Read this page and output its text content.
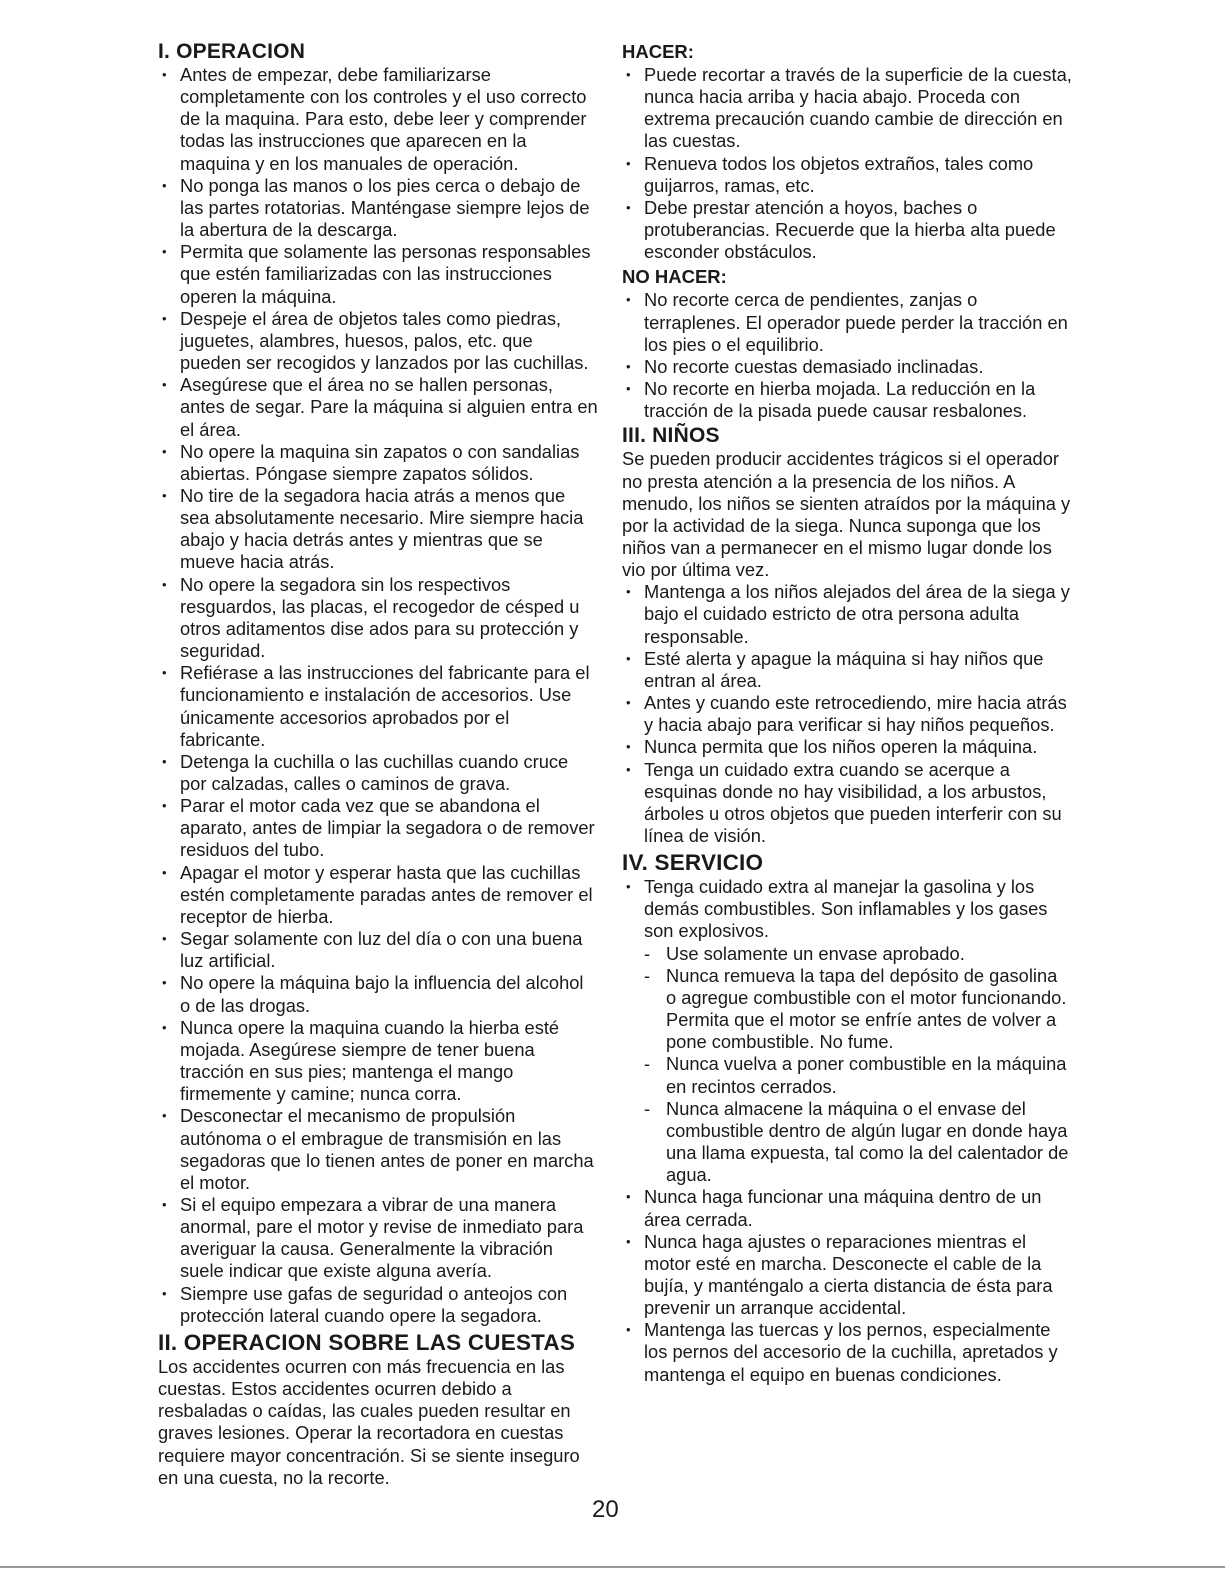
I. OPERACION
• Antes de empezar, debe familiarizarse completamente con los controles y el uso correcto de la maquina. Para esto, debe leer y comprender todas las instrucciones que aparecen en la maquina y en los manuales de operación.
• No ponga las manos o los pies cerca o debajo de las partes rotatorias. Manténgase siempre lejos de la abertura de la descarga.
• Permita que solamente las personas responsables que estén familiarizadas con las instrucciones operen la máquina.
• Despeje el área de objetos tales como piedras, juguetes, alambres, huesos, palos, etc. que pueden ser recogidos y lanzados por las cuchillas.
• Asegúrese que el área no se hallen personas, antes de segar. Pare la máquina si alguien entra en el área.
• No opere la maquina sin zapatos o con sandalias abiertas. Póngase siempre zapatos sólidos.
• No tire de la segadora hacia atrás a menos que sea absolutamente necesario. Mire siempre hacia abajo y hacia detrás antes y mientras que se mueve hacia atrás.
• No opere la segadora sin los respectivos resguardos, las placas, el recogedor de césped u otros aditamentos dise ados para su protección y seguridad.
• Refiérase a las instrucciones del fabricante para el funcionamiento e instalación de accesorios. Use únicamente accesorios aprobados por el fabricante.
• Detenga la cuchilla o las cuchillas cuando cruce por calzadas, calles o caminos de grava.
• Parar el motor cada vez que se abandona el aparato, antes de limpiar la segadora o de remover residuos del tubo.
• Apagar el motor y esperar hasta que las cuchillas estén completamente paradas antes de remover el receptor de hierba.
• Segar solamente con luz del día o con una buena luz artificial.
• No opere la máquina bajo la influencia del alcohol o de las drogas.
• Nunca opere la maquina cuando la hierba esté mojada. Asegúrese siempre de tener buena tracción en sus pies; mantenga el mango firmemente y camine; nunca corra.
• Desconectar el mecanismo de propulsión autónoma o el embrague de transmisión en las segadoras que lo tienen antes de poner en marcha el motor.
• Si el equipo empezara a vibrar de una manera anormal, pare el motor y revise de inmediato para averiguar la causa. Generalmente la vibración suele indicar que existe alguna avería.
• Siempre use gafas de seguridad o anteojos con protección lateral cuando opere la segadora.
II. OPERACION SOBRE LAS CUESTAS

Los accidentes ocurren con más frecuencia en las cuestas. Estos accidentes ocurren debido a resbaladas o caídas, las cuales pueden resultar en graves lesiones. Operar la recortadora en cuestas requiere mayor concentración. Si se siente inseguro en una cuesta, no la recorte.

HACER:
• Puede recortar a través de la superficie de la cuesta, nunca hacia arriba y hacia abajo. Proceda con extrema precaución cuando cambie de dirección en las cuestas.
• Renueva todos los objetos extraños, tales como guijarros, ramas, etc.
• Debe prestar atención a hoyos, baches o protuberancias. Recuerde que la hierba alta puede esconder obstáculos.
NO HACER:
• No recorte cerca de pendientes, zanjas o terraplenes. El operador puede perder la tracción en los pies o el equilibrio.
• No recorte cuestas demasiado inclinadas.
• No recorte en hierba mojada. La reducción en la tracción de la pisada puede causar resbalones.
III. NIÑOS

Se pueden producir accidentes trágicos si el operador no presta atención a la presencia de los niños. A menudo, los niños se sienten atraídos por la máquina y por la actividad de la siega. Nunca suponga que los niños van a permanecer en el mismo lugar donde los vio por última vez.

• Mantenga a los niños alejados del área de la siega y bajo el cuidado estricto de otra persona adulta responsable.
• Esté alerta y apague la máquina si hay niños que entran al área.
• Antes y cuando este retrocediendo, mire hacia atrás y hacia abajo para verificar si hay niños pequeños.
• Nunca permita que los niños operen la máquina.
• Tenga un cuidado extra cuando se acerque a esquinas donde no hay visibilidad, a los arbustos, árboles u otros objetos que pueden interferir con su línea de visión.
IV. SERVICIO
• Tenga cuidado extra al manejar la gasolina y los demás combustibles. Son inflamables y los gases son explosivos.
- Use solamente un envase aprobado.
- Nunca remueva la tapa del depósito de gasolina o agregue combustible con el motor funcionando. Permita que el motor se enfríe antes de volver a pone combustible. No fume.
- Nunca vuelva a poner combustible en la máquina en recintos cerrados.
- Nunca almacene la máquina o el envase del combustible dentro de algún lugar en donde haya una llama expuesta, tal como la del calentador de agua.
• Nunca haga funcionar una máquina dentro de un área cerrada.
• Nunca haga ajustes o reparaciones mientras el motor esté en marcha. Desconecte el cable de la bujía, y manténgalo a cierta distancia de ésta para prevenir un arranque accidental.
• Mantenga las tuercas y los pernos, especialmente los pernos del accesorio de la cuchilla, apretados y mantenga el equipo en buenas condiciones.
20
